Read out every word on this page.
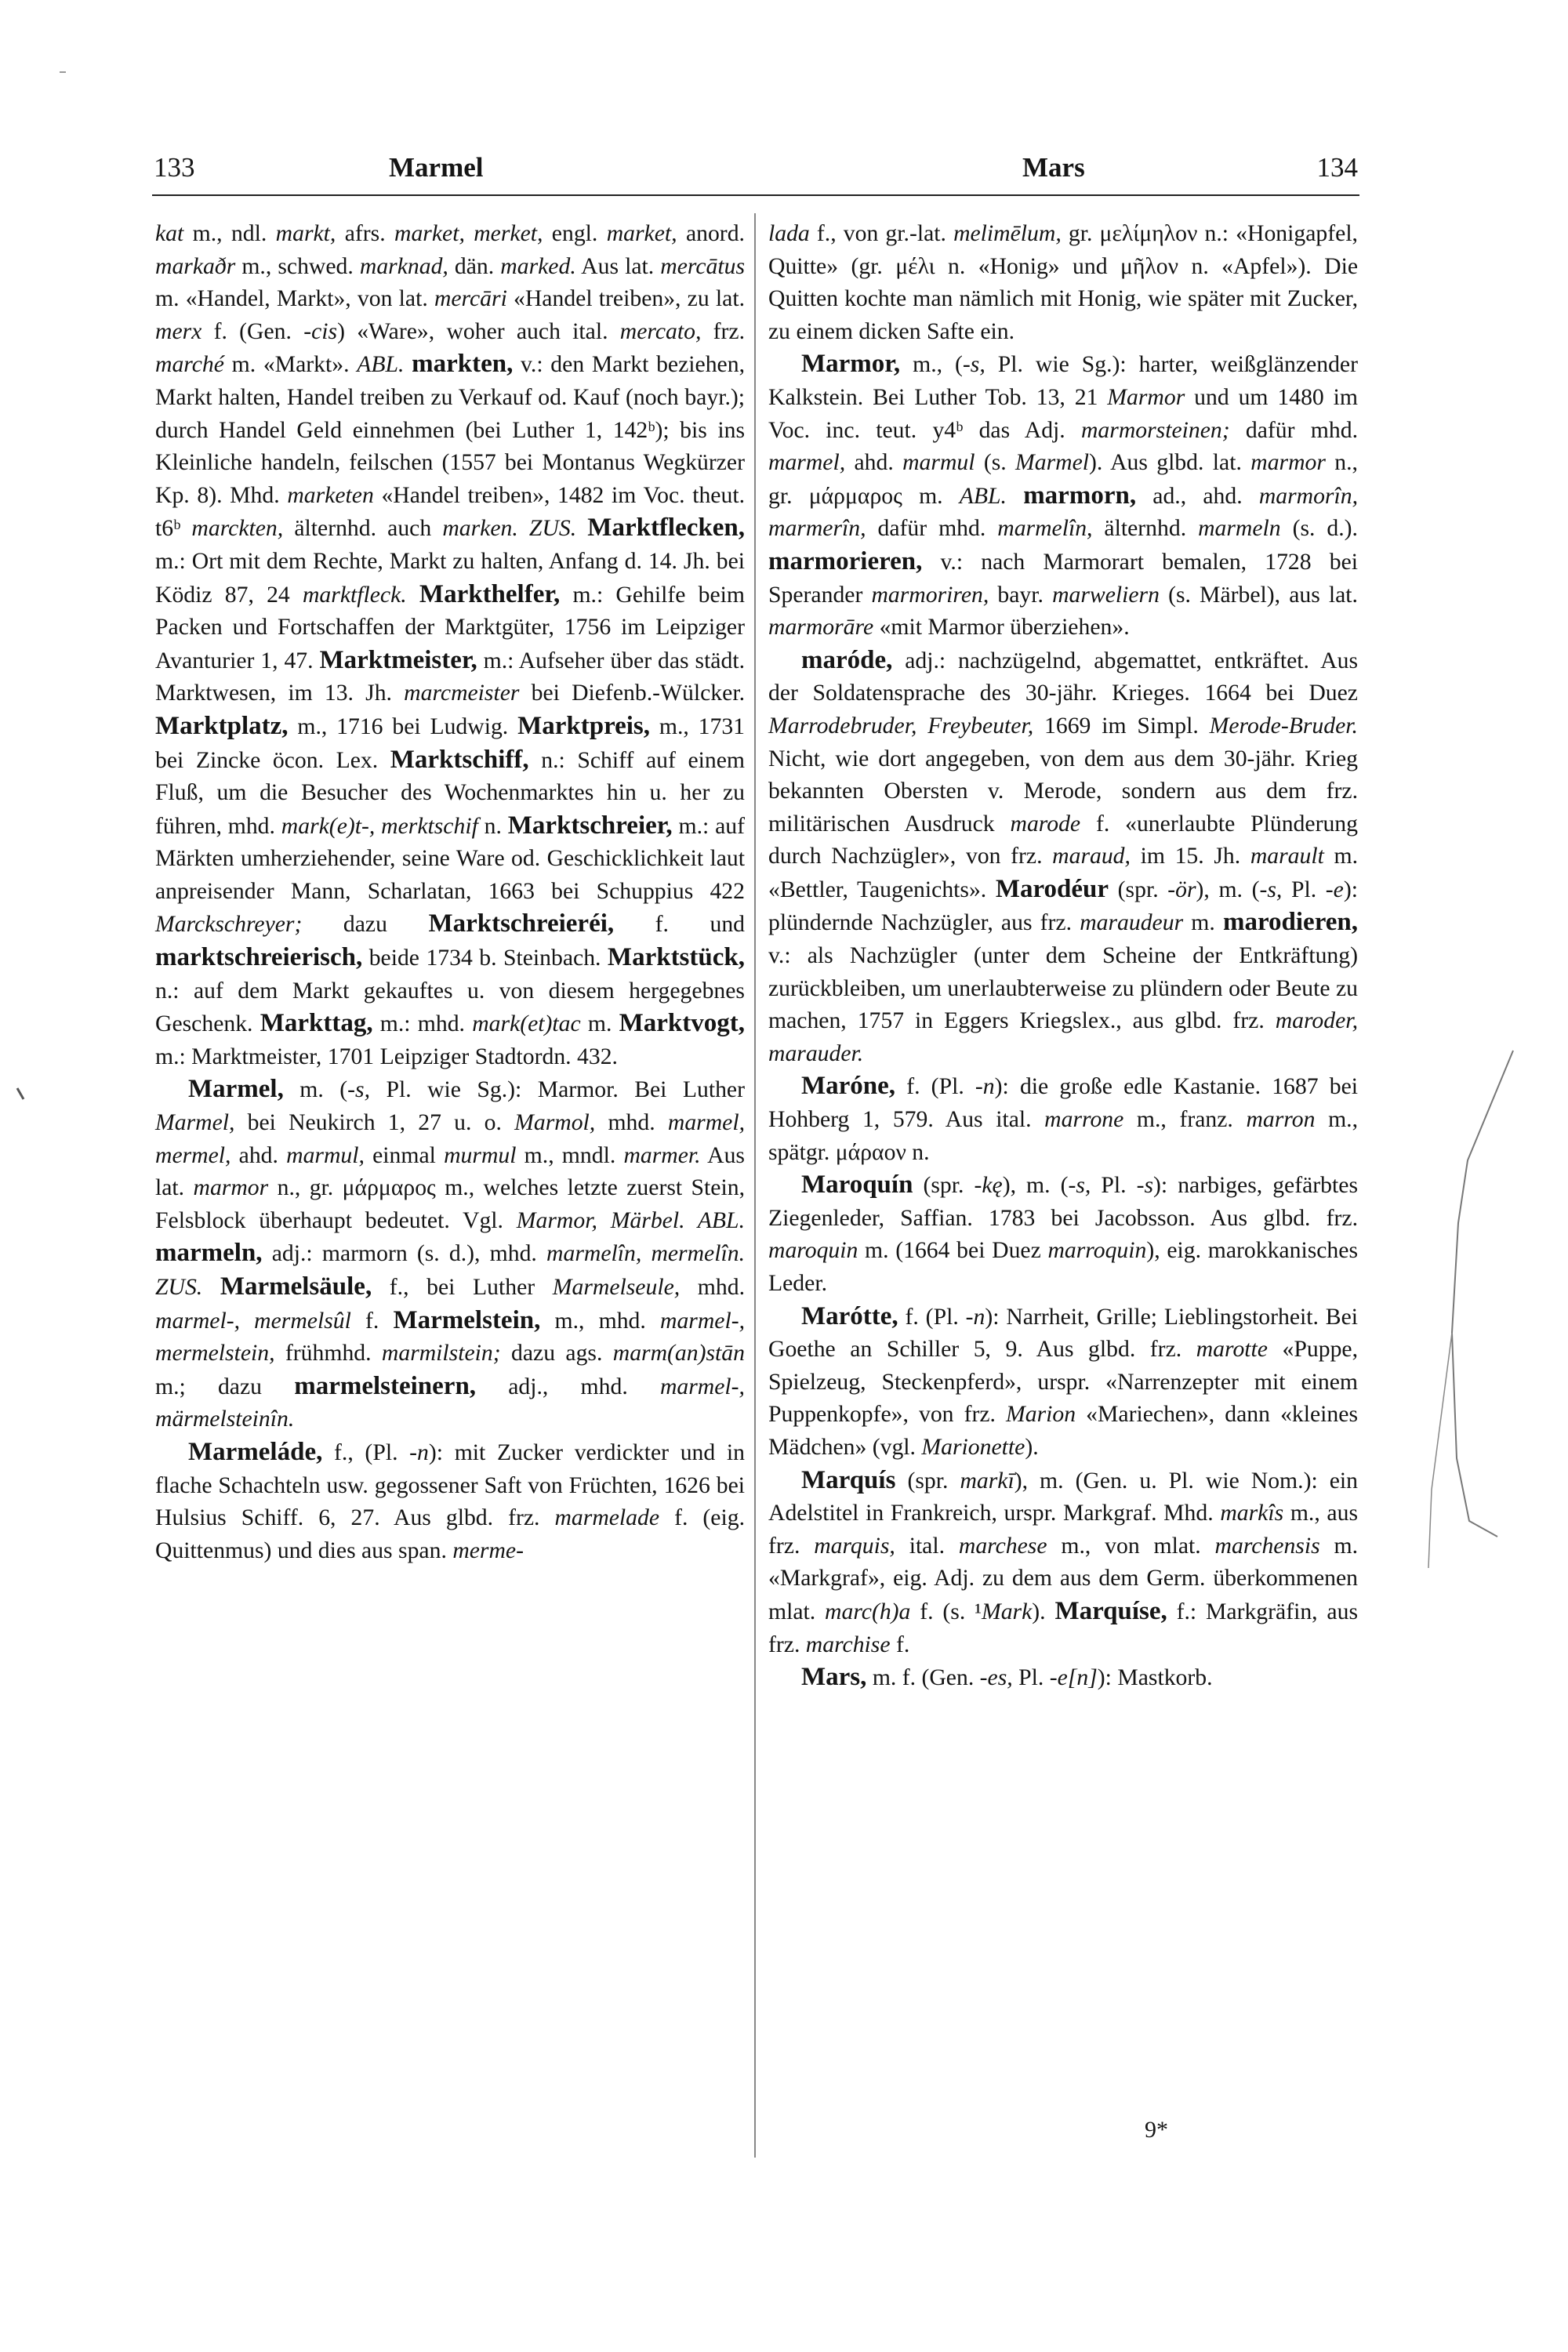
133	Marmel	Mars	134

kat m., ndl. markt, afrs. market, merket, engl. market, anord. markaðr m., schwed. marknad, dän. marked. Aus lat. mercātus m. «Handel, Markt», von lat. mercāri «Handel treiben», zu lat. merx f. (Gen. -cis) «Ware», woher auch ital. mercato, frz. marché m. «Markt». ABL. markten, v.: den Markt beziehen, Markt halten, Handel treiben zu Verkauf od. Kauf (noch bayr.); durch Handel Geld einnehmen (bei Luther 1, 142ᵇ); bis ins Kleinliche handeln, feilschen (1557 bei Montanus Wegkürzer Kp. 8). Mhd. marketen «Handel treiben», 1482 im Voc. theut. t6ᵇ marckten, älternhd. auch marken. ZUS. Marktflecken, m.: Ort mit dem Rechte, Markt zu halten, Anfang d. 14. Jh. bei Ködiz 87, 24 marktfleck. Markthelfer, m.: Gehilfe beim Packen und Fortschaffen der Marktgüter, 1756 im Leipziger Avanturier 1, 47. Marktmeister, m.: Aufseher über das städt. Marktwesen, im 13. Jh. marcmeister bei Diefenb.-Wülcker. Marktplatz, m., 1716 bei Ludwig. Marktpreis, m., 1731 bei Zincke öcon. Lex. Marktschiff, n.: Schiff auf einem Fluß, um die Besucher des Wochenmarktes hin u. her zu führen, mhd. mark(e)t-, merktschif n. Marktschreier, m.: auf Märkten umherziehender, seine Ware od. Geschicklichkeit laut anpreisender Mann, Scharlatan, 1663 bei Schuppius 422 Marckschreyer; dazu Marktschreieréi, f. und marktschreierisch, beide 1734 b. Steinbach. Marktstück, n.: auf dem Markt gekauftes u. von diesem hergegebnes Geschenk. Markttag, m.: mhd. mark(et)tac m. Marktvogt, m.: Marktmeister, 1701 Leipziger Stadtordn. 432.

Marmel, m. (-s, Pl. wie Sg.): Marmor. Bei Luther Marmel, bei Neukirch 1, 27 u. o. Marmol, mhd. marmel, mermel, ahd. marmul, einmal murmul m., mndl. marmer. Aus lat. marmor n., gr. μάρμαρος m., welches letzte zuerst Stein, Felsblock überhaupt bedeutet. Vgl. Marmor, Märbel. ABL. marmeln, adj.: marmorn (s. d.), mhd. marmelîn, mermelîn. ZUS. Marmelsäule, f., bei Luther Marmelseule, mhd. marmel-, mermelsûl f. Marmelstein, m., mhd. marmel-, mermelstein, frühmhd. marmilstein; dazu ags. marm(an)stān m.; dazu marmelsteinern, adj., mhd. marmel-, märmelsteinîn.

Marmeláde, f., (Pl. -n): mit Zucker verdickter und in flache Schachteln usw. gegossener Saft von Früchten, 1626 bei Hulsius Schiff. 6, 27. Aus glbd. frz. marmelade f. (eig. Quittenmus) und dies aus span. merme-

lada f., von gr.-lat. melimēlum, gr. μελίμηλον n.: «Honigapfel, Quitte» (gr. μέλι n. «Honig» und μῆλον n. «Apfel»). Die Quitten kochte man nämlich mit Honig, wie später mit Zucker, zu einem dicken Safte ein.

Marmor, m., (-s, Pl. wie Sg.): harter, weißglänzender Kalkstein. Bei Luther Tob. 13, 21 Marmor und um 1480 im Voc. inc. teut. y4ᵇ das Adj. marmorsteinen; dafür mhd. marmel, ahd. marmul (s. Marmel). Aus glbd. lat. marmor n., gr. μάρμαρος m. ABL. marmorn, ad., ahd. marmorîn, marmerîn, dafür mhd. marmelîn, älternhd. marmeln (s. d.). marmorieren, v.: nach Marmorart bemalen, 1728 bei Sperander marmoriren, bayr. marweliern (s. Märbel), aus lat. marmorāre «mit Marmor überziehen».

maróde, adj.: nachzügelnd, abgemattet, entkräftet. Aus der Soldatensprache des 30-jähr. Krieges. 1664 bei Duez Marrodebruder, Freybeuter, 1669 im Simpl. Merode-Bruder. Nicht, wie dort angegeben, von dem aus dem 30-jähr. Krieg bekannten Obersten v. Merode, sondern aus dem frz. militärischen Ausdruck marode f. «unerlaubte Plünderung durch Nachzügler», von frz. maraud, im 15. Jh. marault m. «Bettler, Taugenichts». Marodéur (spr. -ör), m. (-s, Pl. -e): plündernde Nachzügler, aus frz. maraudeur m. marodieren, v.: als Nachzügler (unter dem Scheine der Entkräftung) zurückbleiben, um unerlaubterweise zu plündern oder Beute zu machen, 1757 in Eggers Kriegslex., aus glbd. frz. maroder, marauder.

Maróne, f. (Pl. -n): die große edle Kastanie. 1687 bei Hohberg 1, 579. Aus ital. marrone m., franz. marron m., spätgr. μάραον n.

Maroquín (spr. -kę), m. (-s, Pl. -s): narbiges, gefärbtes Ziegenleder, Saffian. 1783 bei Jacobsson. Aus glbd. frz. maroquin m. (1664 bei Duez marroquin), eig. marokkanisches Leder.

Marótte, f. (Pl. -n): Narrheit, Grille; Lieblingstorheit. Bei Goethe an Schiller 5, 9. Aus glbd. frz. marotte «Puppe, Spielzeug, Steckenpferd», urspr. «Narrenzepter mit einem Puppenkopfe», von frz. Marion «Mariechen», dann «kleines Mädchen» (vgl. Marionette).

Marquís (spr. markī), m. (Gen. u. Pl. wie Nom.): ein Adelstitel in Frankreich, urspr. Markgraf. Mhd. markîs m., aus frz. marquis, ital. marchese m., von mlat. marchensis m. «Markgraf», eig. Adj. zu dem aus dem Germ. überkommenen mlat. marc(h)a f. (s. ¹Mark). Marquíse, f.: Markgräfin, aus frz. marchise f.

Mars, m. f. (Gen. -es, Pl. -e[n]): Mastkorb.

9*
